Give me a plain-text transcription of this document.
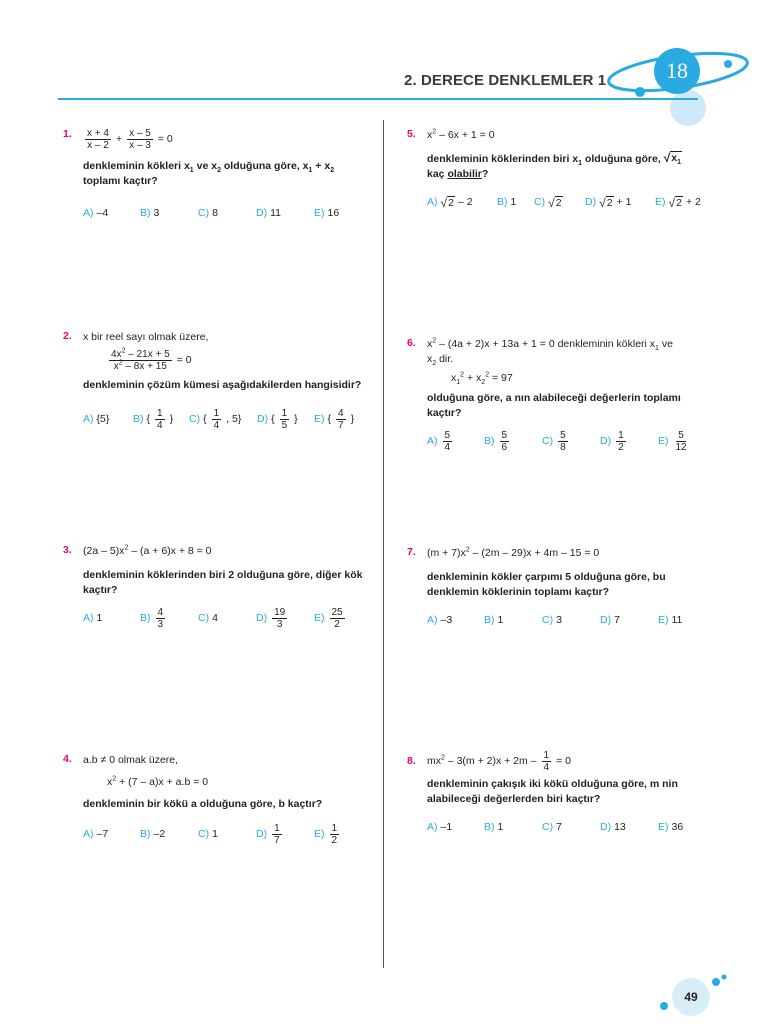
18
2. DERECE DENKLEMLER 1
1. $\frac{x + 4}{x - 2} + \frac{x - 5}{x - 3} = 0$

denkleminin kökleri $x_1$ ve $x_2$ olduğuna göre, $x_1 + x_2$
toplamı kaçtır?

A) –4	B) 3	C) 8	D) 11	E) 16
2. x bir reel sayı olmak üzere,

$\frac{4x^2 - 21x + 5}{x^2 - 8x + 15} = 0$

denkleminin çözüm kümesi aşağıdakilerden hangisidir?

A) {5} B) { $\frac{1}{4}$ } C) { $\frac{1}{4}$ , 5} D) { $\frac{1}{5}$ } E) { $\frac{4}{7}$ }
3. $(2a - 5)x^2 - (a + 6)x + 8 = 0$

denkleminin köklerinden biri 2 olduğuna göre, diğer kök kaçtır?

A) 1	$B) \frac{4}{3}$	C) 4	$D) \frac{19}{3}$	$E) \frac{25}{2}$
4. a.b ≠ 0 olmak üzere,

$x^2 + (7 - a)x + a.b = 0$

denkleminin bir kökü a olduğuna göre, b kaçtır?

A) –7	B) –2	C) 1	$D) \frac{1}{7}$	$E) \frac{1}{2}$
5. $x^2 - 6x + 1 = 0$

denkleminin köklerinden biri $x_1$ olduğuna göre, √ $x_1$

kaç olabilir?

A) √ 2 – 2 B) 1 C) √ 2 D) √ 2 + 1 E) √ 2 + 2
6. $x^2 - (4a + 2)x + 13a + 1 = 0$ denkleminin kökleri $x_1$ ve
$x_2$ dir.

$x_1^2 + x_2^2 = 97$

olduğuna göre, a nın alabileceği değerlerin toplamı kaçtır?

$A) \frac{5}{4}$	$B) \frac{5}{6}$	$C) \frac{5}{8}$	$D) \frac{1}{2}$	$E) \frac{5}{12}$
7. $(m + 7)x^2 - (2m - 29)x + 4m - 15 = 0$

denkleminin kökler çarpımı 5 olduğuna göre, bu denklemin köklerinin toplamı kaçtır?

A) –3	B) 1	C) 3	D) 7	E) 11
8. $mx^2 - 3(m + 2)x + 2m - \frac{1}{4} = 0$

denkleminin çakışık iki kökü olduğuna göre, m nin alabileceği değerlerden biri kaçtır?

A) –1	B) 1	C) 7	D) 13	E) 36
49
